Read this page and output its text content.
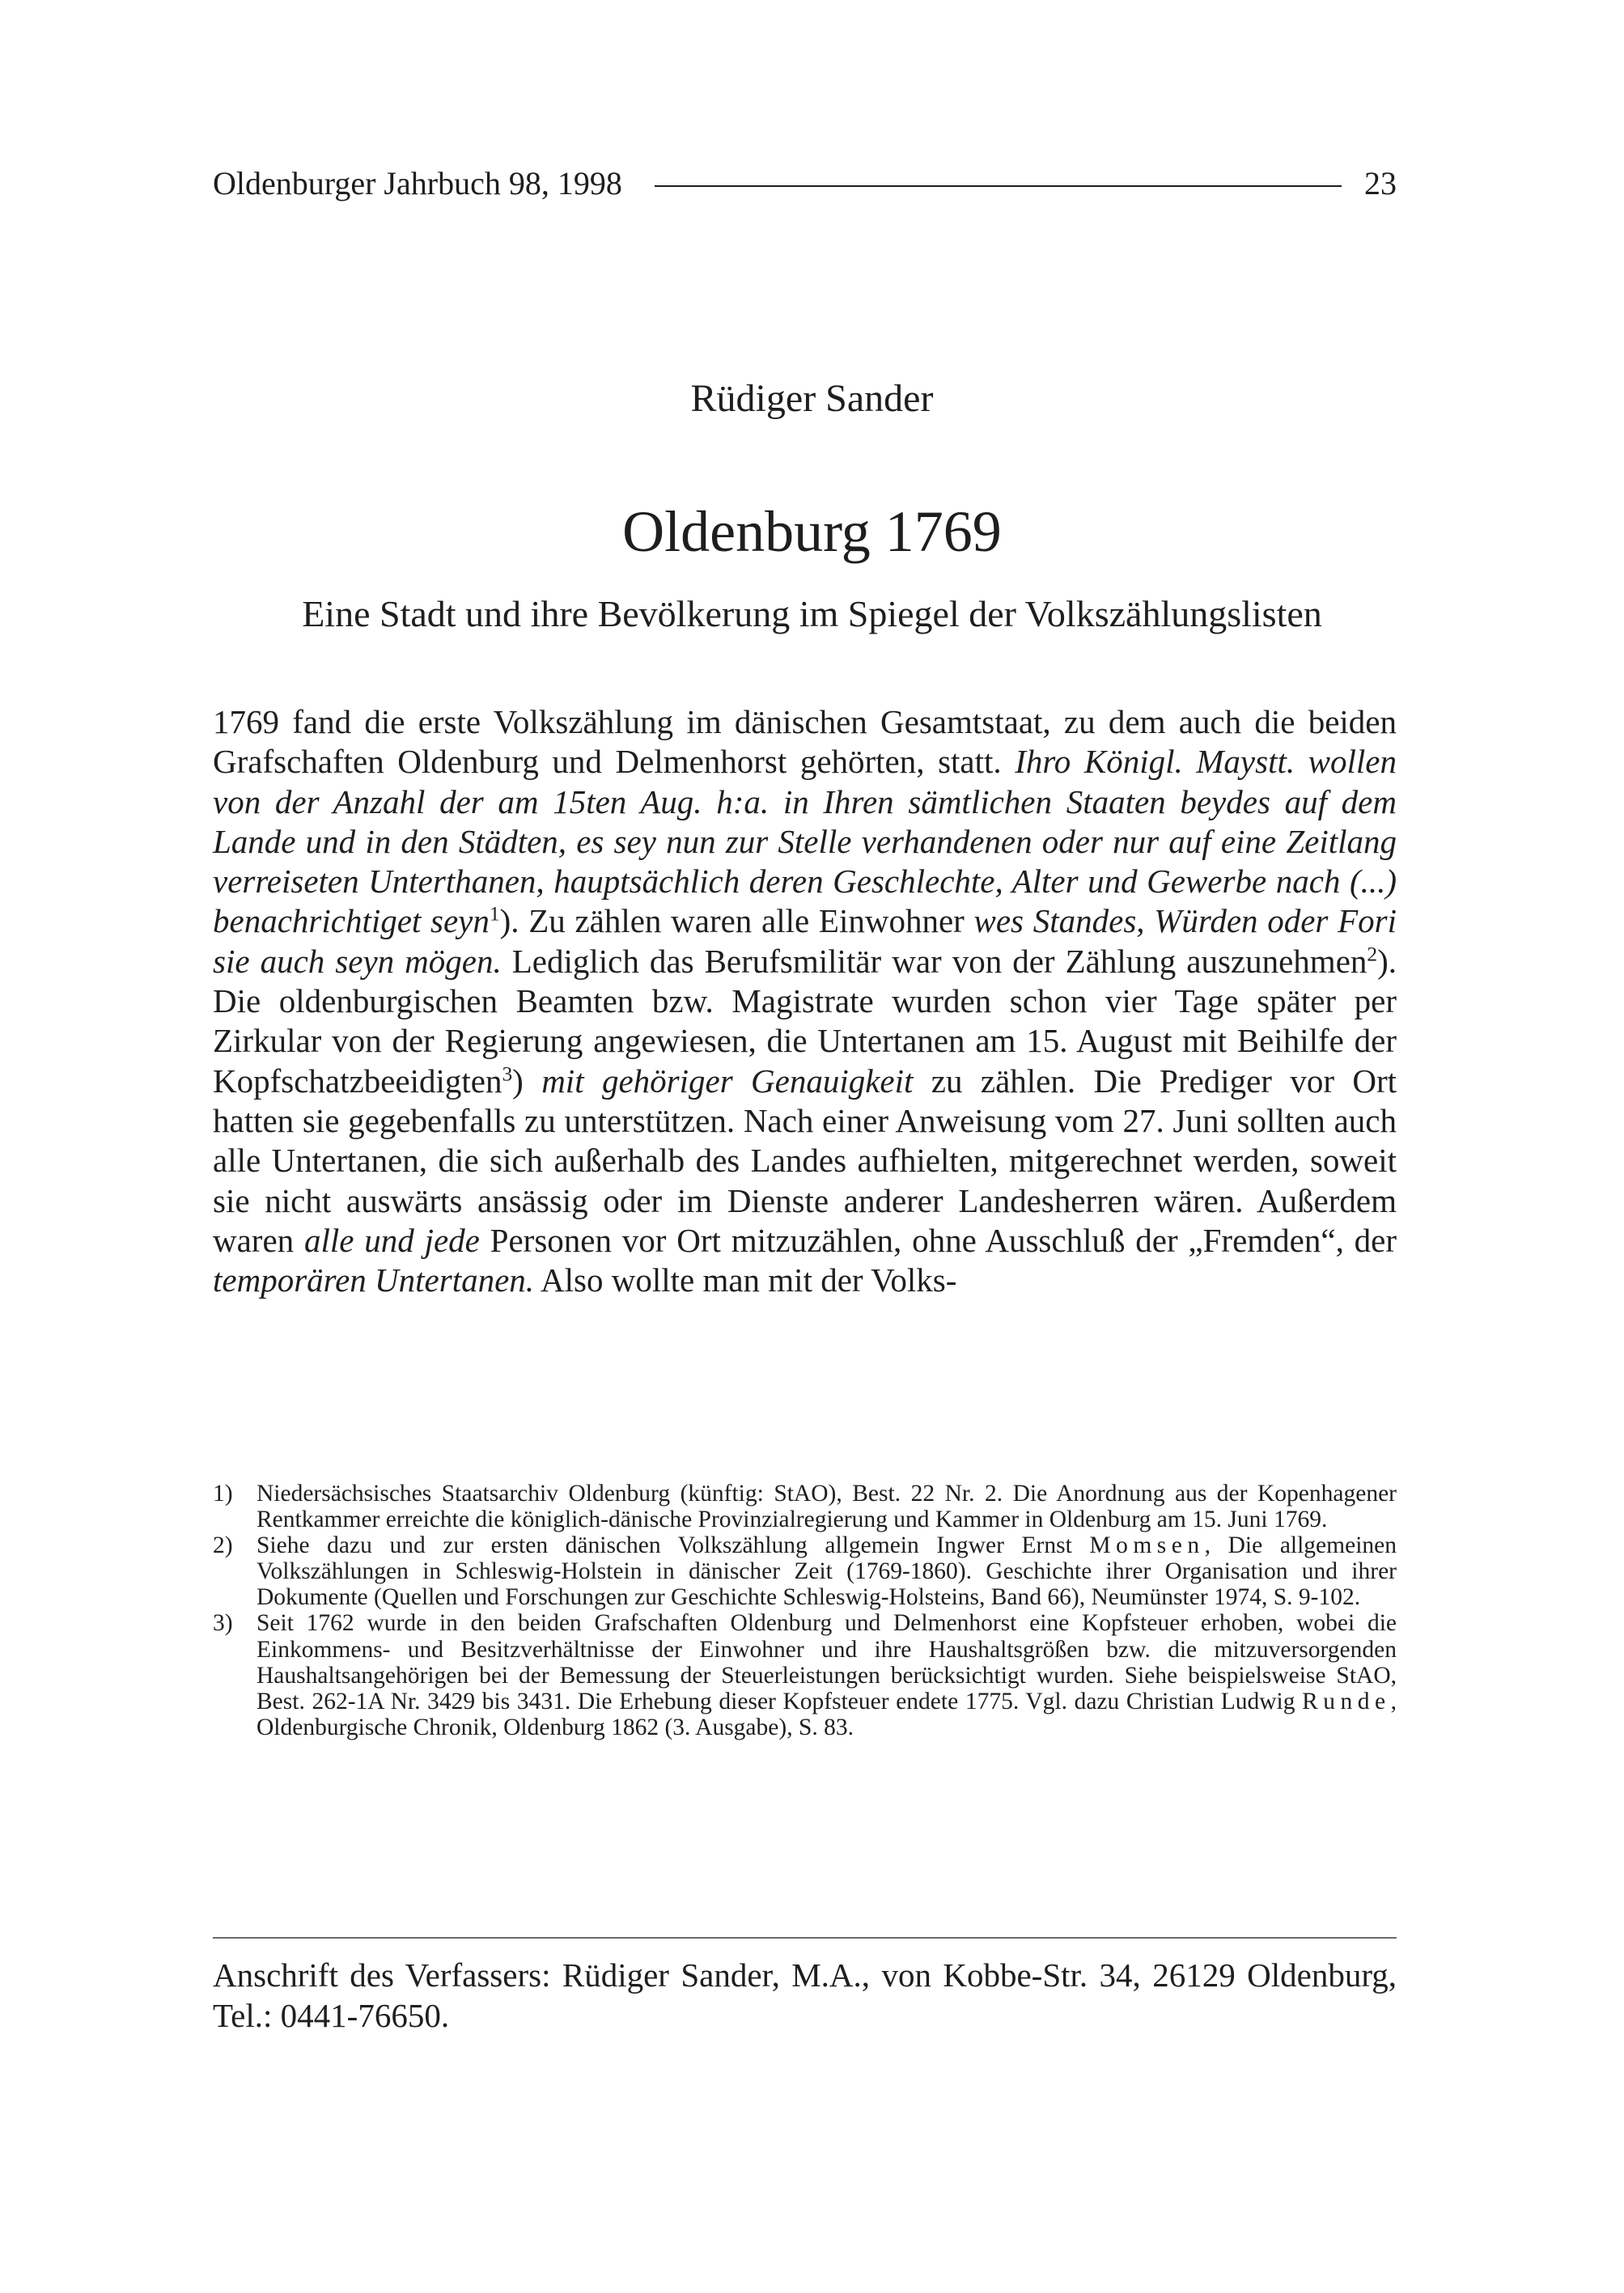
Oldenburger Jahrbuch 98, 1998	23
Rüdiger Sander
Oldenburg 1769
Eine Stadt und ihre Bevölkerung im Spiegel der Volkszählungslisten

1769 fand die erste Volkszählung im dänischen Gesamtstaat, zu dem auch die beiden Grafschaften Oldenburg und Delmenhorst gehörten, statt. Ihro Königl. Maystt. wollen von der Anzahl der am 15ten Aug. h:a. in Ihren sämtlichen Staaten beydes auf dem Lande und in den Städten, es sey nun zur Stelle verhandenen oder nur auf eine Zeitlang verreiseten Unterthanen, hauptsächlich deren Geschlechte, Alter und Gewerbe nach (...) benachrichtiget seyn$^1$). Zu zählen waren alle Einwohner wes Standes, Würden oder Fori sie auch seyn mögen. Lediglich das Berufsmilitär war von der Zählung auszunehmen$^2$). Die oldenburgischen Beamten bzw. Magistrate wurden schon vier Tage später per Zirkular von der Regierung angewiesen, die Untertanen am 15. August mit Beihilfe der Kopfschatzbeeidigten$^3$) mit gehöriger Genauigkeit zu zählen. Die Prediger vor Ort hatten sie gegebenfalls zu unterstützen. Nach einer Anweisung vom 27. Juni sollten auch alle Untertanen, die sich außerhalb des Landes aufhielten, mitgerechnet werden, soweit sie nicht auswärts ansässig oder im Dienste anderer Landesherren wären. Außerdem waren alle und jede Personen vor Ort mitzuzählen, ohne Ausschluß der „Fremden“, der temporären Untertanen. Also wollte man mit der Volks-

1) Niedersächsisches Staatsarchiv Oldenburg (künftig: StAO), Best. 22 Nr. 2. Die Anordnung aus der Kopenhagener Rentkammer erreichte die königlich-dänische Provinzialregierung und Kammer in Oldenburg am 15. Juni 1769.
2) Siehe dazu und zur ersten dänischen Volkszählung allgemein Ingwer Ernst Momsen, Die allgemeinen Volkszählungen in Schleswig-Holstein in dänischer Zeit (1769-1860). Geschichte ihrer Organisation und ihrer Dokumente (Quellen und Forschungen zur Geschichte Schleswig-Holsteins, Band 66), Neumünster 1974, S. 9-102.
3) Seit 1762 wurde in den beiden Grafschaften Oldenburg und Delmenhorst eine Kopfsteuer erhoben, wobei die Einkommens- und Besitzverhältnisse der Einwohner und ihre Haushaltsgrößen bzw. die mitzuversorgenden Haushaltsangehörigen bei der Bemessung der Steuerleistungen berücksichtigt wurden. Siehe beispielsweise StAO, Best. 262-1A Nr. 3429 bis 3431. Die Erhebung dieser Kopfsteuer endete 1775. Vgl. dazu Christian Ludwig Runde, Oldenburgische Chronik, Oldenburg 1862 (3. Ausgabe), S. 83.
Anschrift des Verfassers: Rüdiger Sander, M.A., von Kobbe-Str. 34, 26129 Oldenburg, Tel.: 0441-76650.
